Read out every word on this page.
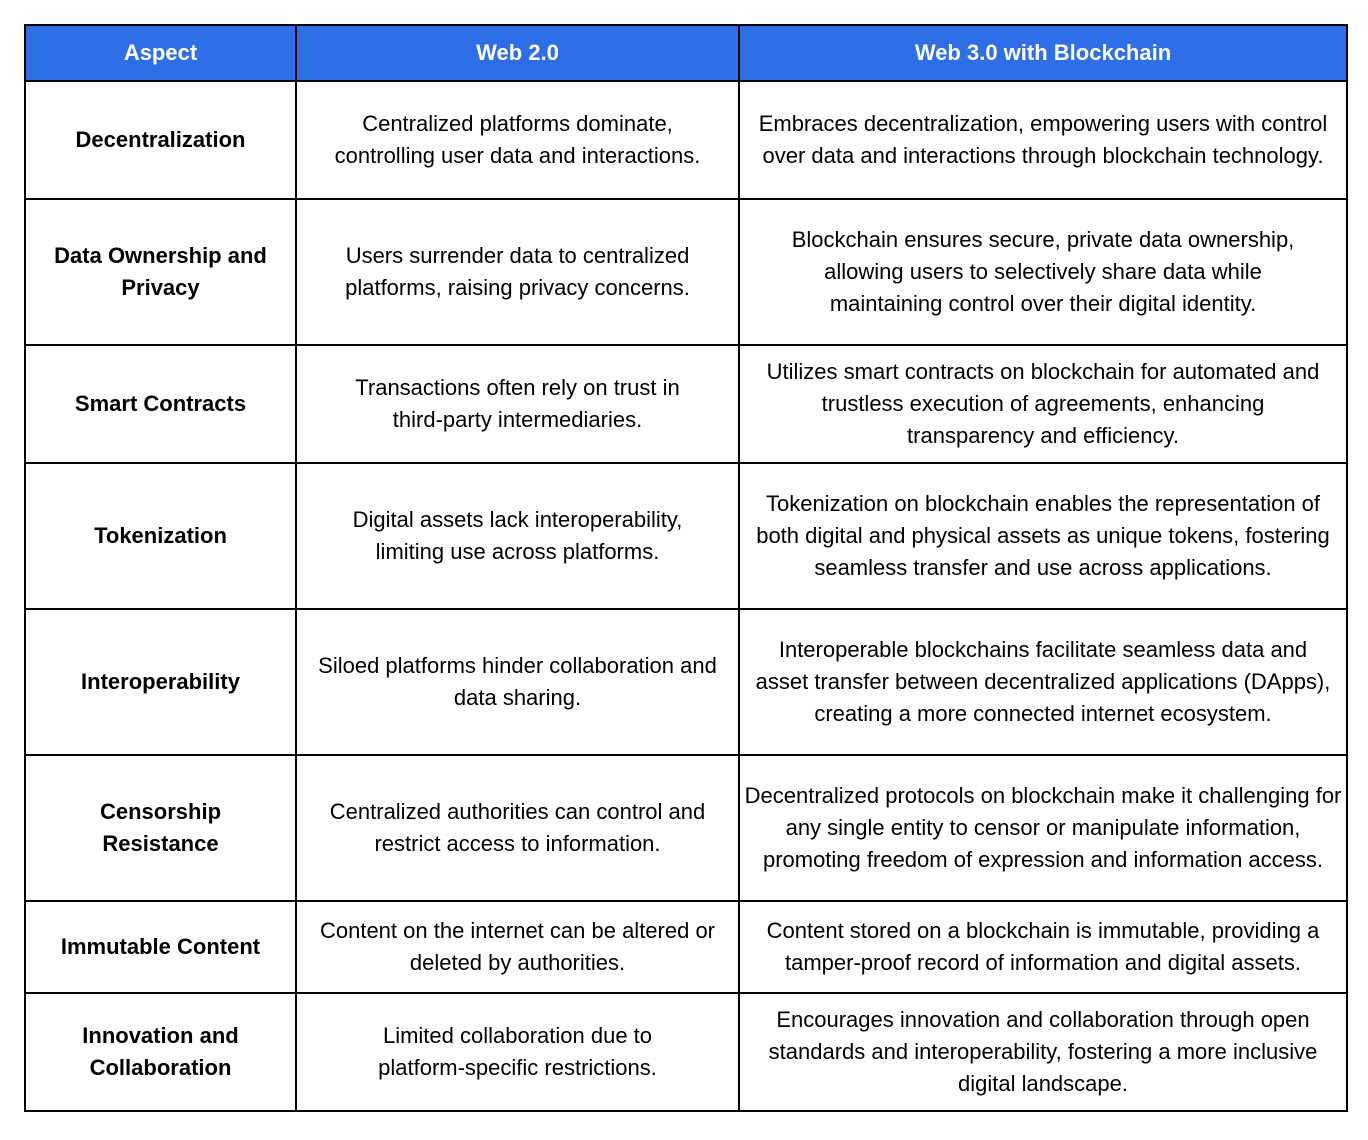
Aspect	Web 2.0	Web 3.0 with Blockchain
Decentralization	Centralized platforms dominate, controlling user data and interactions.	Embraces decentralization, empowering users with control over data and interactions through blockchain technology.
Data Ownership and Privacy	Users surrender data to centralized platforms, raising privacy concerns.	Blockchain ensures secure, private data ownership, allowing users to selectively share data while maintaining control over their digital identity.
Smart Contracts	Transactions often rely on trust in third-party intermediaries.	Utilizes smart contracts on blockchain for automated and trustless execution of agreements, enhancing transparency and efficiency.
Tokenization	Digital assets lack interoperability, limiting use across platforms.	Tokenization on blockchain enables the representation of both digital and physical assets as unique tokens, fostering seamless transfer and use across applications.
Interoperability	Siloed platforms hinder collaboration and data sharing.	Interoperable blockchains facilitate seamless data and asset transfer between decentralized applications (DApps), creating a more connected internet ecosystem.
Censorship Resistance	Centralized authorities can control and restrict access to information.	Decentralized protocols on blockchain make it challenging for any single entity to censor or manipulate information, promoting freedom of expression and information access.
Immutable Content	Content on the internet can be altered or deleted by authorities.	Content stored on a blockchain is immutable, providing a tamper-proof record of information and digital assets.
Innovation and Collaboration	Limited collaboration due to platform-specific restrictions.	Encourages innovation and collaboration through open standards and interoperability, fostering a more inclusive digital landscape.
